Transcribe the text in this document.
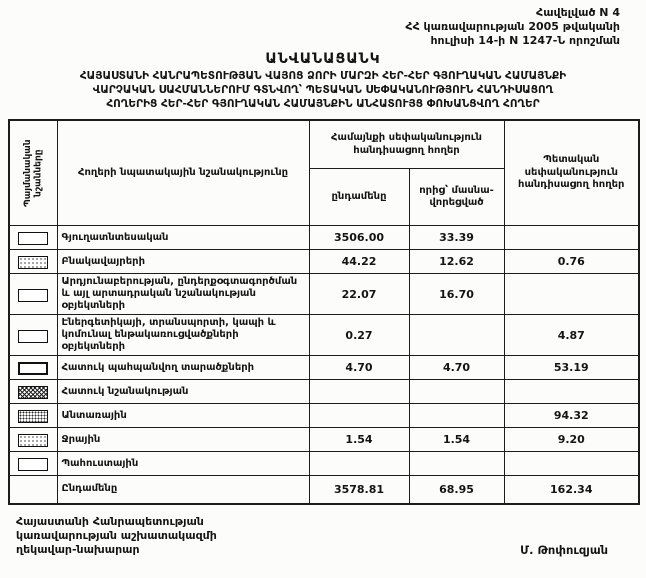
Հավելված N 4
ՀՀ կառավարության 2005 թվականի
հուլիսի 14-ի N 1247-Ն որոշման
ԱՆՎԱՆԱՑԱՆԿ
ՀԱՅԱՍՏԱՆԻ ՀԱՆՐԱՊԵՏՈՒԹՅԱՆ ՎԱՅՈՑ ՁՈՐԻ ՄԱՐԶԻ ՀԵՐ-ՀԵՐ ԳՅՈՒՂԱԿԱՆ ՀԱՄԱՅՆՔԻ
ՎԱՐՉԱԿԱՆ ՍԱՀՄԱՆՆԵՐՈՒՄ ԳՏՆՎՈՂ՝ ՊԵՏԱԿԱՆ ՍԵՓԱԿԱՆՈՒԹՅՈՒՆ ՀԱՆԴԻՍԱՑՈՂ
ՀՈՂԵՐԻՑ ՀԵՐ-ՀԵՐ ԳՅՈՒՂԱԿԱՆ ՀԱՄԱՅՆՔԻՆ ԱՆՀԱՏՈՒՅՑ ՓՈԽԱՆՑՎՈՂ ՀՈՂԵՐ
Պայմանական նշանները	Հողերի նպատակային նշանակությունը	Համայնքի սեփականություն հանդիսացող հողեր		Պետական սեփականություն հանդիսացող հողեր
		ընդամենը	որից՝ մասնա-վորեցված	
	Գյուղատնտեսական	3506.00	33.39	
	Բնակավայրերի	44.22	12.62	0.76
	Արդյունաբերության, ընդերքօգտագործման և այլ արտադրական նշանակության օբյեկտների	22.07	16.70	
	Էներգետիկայի, տրանսպորտի, կապի և կոմունալ ենթակառուցվածքների օբյեկտների	0.27		4.87
	Հատուկ պահպանվող տարածքների	4.70	4.70	53.19
	Հատուկ նշանակության			
	Անտառային			94.32
	Ջրային	1.54	1.54	9.20
	Պահուստային			
	Ընդամենը	3578.81	68.95	162.34
Հայաստանի Հանրապետության
կառավարության աշխատակազմի
ղեկավար-նախարար	Մ. Թոփուզյան
